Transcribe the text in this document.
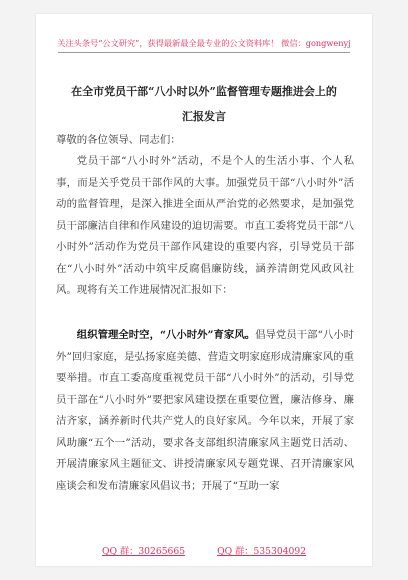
关注头条号“公文研究”，获得最新最全最专业的公文资料库！ 微信：gongwenyj
在全市党员干部“八小时以外”监督管理专题推进会上的
汇报发言
尊敬的各位领导、同志们：
党员干部“八小时外”活动，不是个人的生活小事、个人私事，而是关乎党员干部作风的大事。加强党员干部“八小时外”活动的监督管理，是深入推进全面从严治党的必然要求，是加强党员干部廉洁自律和作风建设的迫切需要。市直工委将党员干部“八小时外”活动作为党员干部作风建设的重要内容，引导党员干部在“八小时外”活动中筑牢反腐倡廉防线，涵养清朗党风政风社风。现将有关工作进展情况汇报如下：
组织管理全时空，“八小时外”育家风。倡导党员干部“八小时外”回归家庭，是弘扬家庭美德、营造文明家庭形成清廉家风的重要举措。市直工委高度重视党员干部“八小时外”的活动，引导党员干部在“八小时外”要把家风建设摆在重要位置，廉洁修身、廉洁齐家，涵养新时代共产党人的良好家风。今年以来，开展了家风助廉“五个一”活动，要求各支部组织清廉家风主题党日活动、开展清廉家风主题征文、讲授清廉家风专题党课、召开清廉家风座谈会和发布清廉家风倡议书；开展了“互助一家
QQ 群：30265665	QQ 群：535304092
